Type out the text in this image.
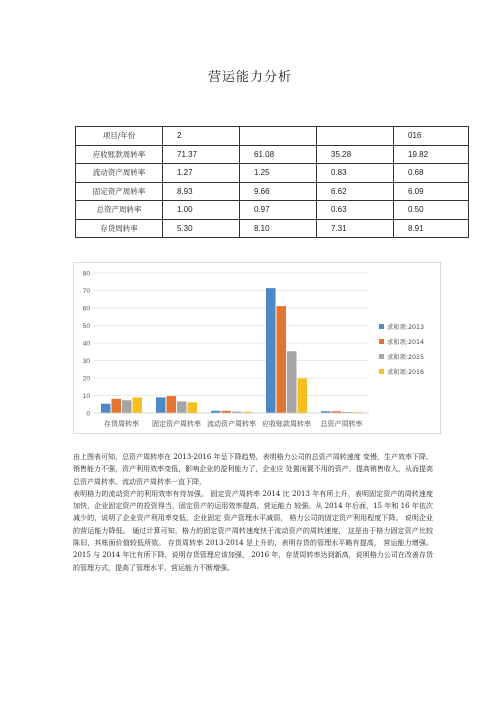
营运能力分析
项目/年份	2			016
应收账款周转率	71.37	61.08	35.28	19.82
流动资产周转率	1.27	1.25	0.83	0.68
固定资产周转率	8.93	9.66	6.62	6.09
总资产周转率	1.00	0.97	0.63	0.50
存货周转率	5.30	8.10	7.31	8.91
0
10
20
30
40
50
60
70
80
存货周转率 固定资产周转率 流动资产周转率 应收账款周转率 总资产周转率
求和项:2013
求和项:2014
求和项:2015
求和项:2016

由上图表可知，总资产周转率在 2013-2016 年呈下降趋势，表明格力公司的总资产周转速度 变慢，生产效率下降，销售能力不强，资产利用效率变低，影响企业的盈利能力了，企业应 处置闲置不用的资产，提高销售收入，从而提高总资产周转率。流动资产周转率一直下降，

表明格力的流动资产的利用效率有待加强。 固定资产周转率 2014 比 2013 年有所上升，表明固定资产的周转速度加快，企业固定资产的投资得当，固定资产的运用效率提高，营运能力 较强。从 2014 年后面，15 年和 16 年依次减少的，说明了企业资产利用率变低，企业固定 资产管理水平减弱， 格力公司的固定资产利用程度下降。 说明企业的营运能力降低。 通过计算可知，格力的固定资产周转速度快于流动资产的周转速度， 这是由于格力固定资产比较陈旧，其账面价值较低所致。 存货周转率 2013-2014 是上升的，表明存货的管理水平略有提高， 营运能力增强。2015 与 2014 年比有所下降，说明存货管理应该加强， 2016 年，存货周转率达到新高，说明格力公司在改善存货的管理方式，提高了管理水平，营运能力不断增强。
